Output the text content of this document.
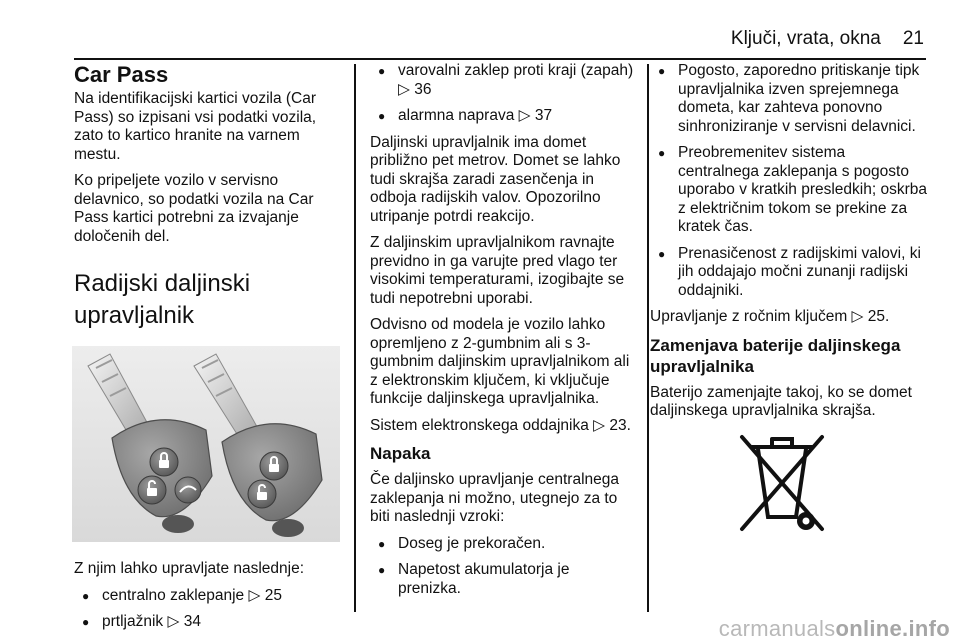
Ključi, vrata, okna 21
Car Pass

Na identifikacijski kartici vozila (Car Pass) so izpisani vsi podatki vozila, zato to kartico hranite na varnem mestu.

Ko pripeljete vozilo v servisno delavnico, so podatki vozila na Car Pass kartici potrebni za izvajanje določenih del.

Radijski daljinski upravljalnik

Z njim lahko upravljate naslednje:

● centralno zaklepanje ▷ 25
● prtljažnik ▷ 34
● varovalni zaklep proti kraji (zapah) ▷ 36
● alarmna naprava ▷ 37

Daljinski upravljalnik ima domet približno pet metrov. Domet se lahko tudi skrajša zaradi zasenčenja in odboja radijskih valov. Opozorilno utripanje potrdi reakcijo.

Z daljinskim upravljalnikom ravnajte previdno in ga varujte pred vlago ter visokimi temperaturami, izogibajte se tudi nepotrebni uporabi.

Odvisno od modela je vozilo lahko opremljeno z 2-gumbnim ali s 3-gumbnim daljinskim upravljalnikom ali z elektronskim ključem, ki vključuje funkcije daljinskega upravljalnika.

Sistem elektronskega oddajnika ▷ 23.

Napaka

Če daljinsko upravljanje centralnega zaklepanja ni možno, utegnejo za to biti naslednji vzroki:

● Doseg je prekoračen.
● Napetost akumulatorja je prenizka.
● Pogosto, zaporedno pritiskanje tipk upravljalnika izven sprejemnega dometa, kar zahteva ponovno sinhroniziranje v servisni delavnici.
● Preobremenitev sistema centralnega zaklepanja s pogosto uporabo v kratkih presledkih; oskrba z električnim tokom se prekine za kratek čas.
● Prenasičenost z radijskimi valovi, ki jih oddajajo močni zunanji radijski oddajniki.

Upravljanje z ročnim ključem ▷ 25.

Zamenjava baterije daljinskega upravljalnika

Baterijo zamenjajte takoj, ko se domet daljinskega upravljalnika skrajša.

carmanualsonline.info
